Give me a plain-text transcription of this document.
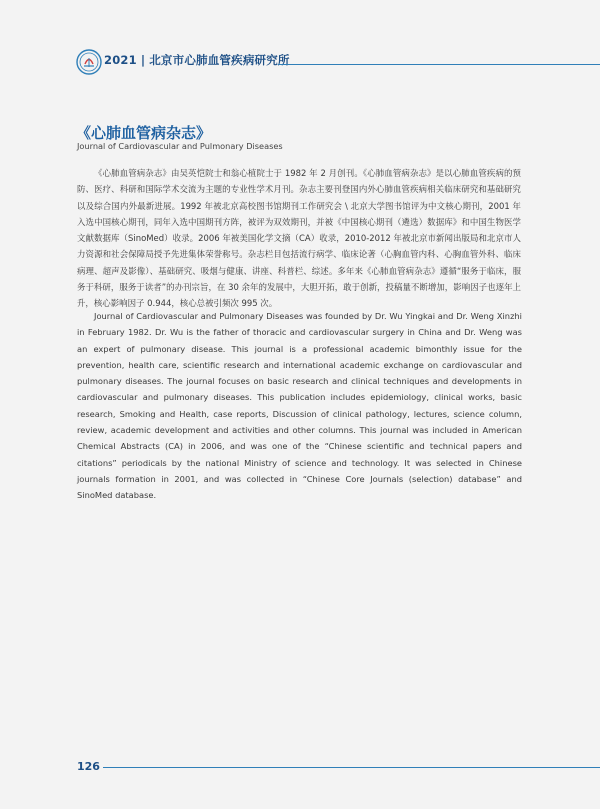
2021 | 北京市心肺血管疾病研究所
《心肺血管病杂志》
Journal of Cardiovascular and Pulmonary Diseases

《心肺血管病杂志》由吴英恺院士和翁心植院士于 1982 年 2 月创刊。《心肺血管病杂志》是以心肺血管疾病的预防、医疗、科研和国际学术交流为主题的专业性学术月刊。杂志主要刊登国内外心肺血管疾病相关临床研究和基础研究以及综合国内外最新进展。1992 年被北京高校图书馆期刊工作研究会 \ 北京大学图书馆评为中文核心期刊，2001 年入选中国核心期刊，同年入选中国期刊方阵，被评为双效期刊，并被《中国核心期刊（遴选）数据库》和中国生物医学文献数据库（SinoMed）收录。2006 年被美国化学文摘（CA）收录，2010-2012 年被北京市新闻出版局和北京市人力资源和社会保障局授予先进集体荣誉称号。杂志栏目包括流行病学、临床论著（心胸血管内科、心胸血管外科、临床病理、超声及影像）、基础研究、吸烟与健康、讲座、科普栏、综述。多年来《心肺血管病杂志》遵循“服务于临床，服务于科研，服务于读者”的办刊宗旨，在 30 余年的发展中，大胆开拓，敢于创新，投稿量不断增加，影响因子也逐年上升，核心影响因子 0.944，核心总被引频次 995 次。

Journal of Cardiovascular and Pulmonary Diseases was founded by Dr. Wu Yingkai and Dr. Weng Xinzhi in February 1982. Dr. Wu is the father of thoracic and cardiovascular surgery in China and Dr. Weng was an expert of pulmonary disease. This journal is a professional academic bimonthly issue for the prevention, health care, scientific research and international academic exchange on cardiovascular and pulmonary diseases. The journal focuses on basic research and clinical techniques and developments in cardiovascular and pulmonary diseases. This publication includes epidemiology, clinical works, basic research, Smoking and Health, case reports, Discussion of clinical pathology, lectures, science column, review, academic development and activities and other columns. This journal was included in American Chemical Abstracts (CA) in 2006, and was one of the “Chinese scientific and technical papers and citations” periodicals by the national Ministry of science and technology. It was selected in Chinese journals formation in 2001, and was collected in “Chinese Core Journals (selection) database” and SinoMed database.

126
